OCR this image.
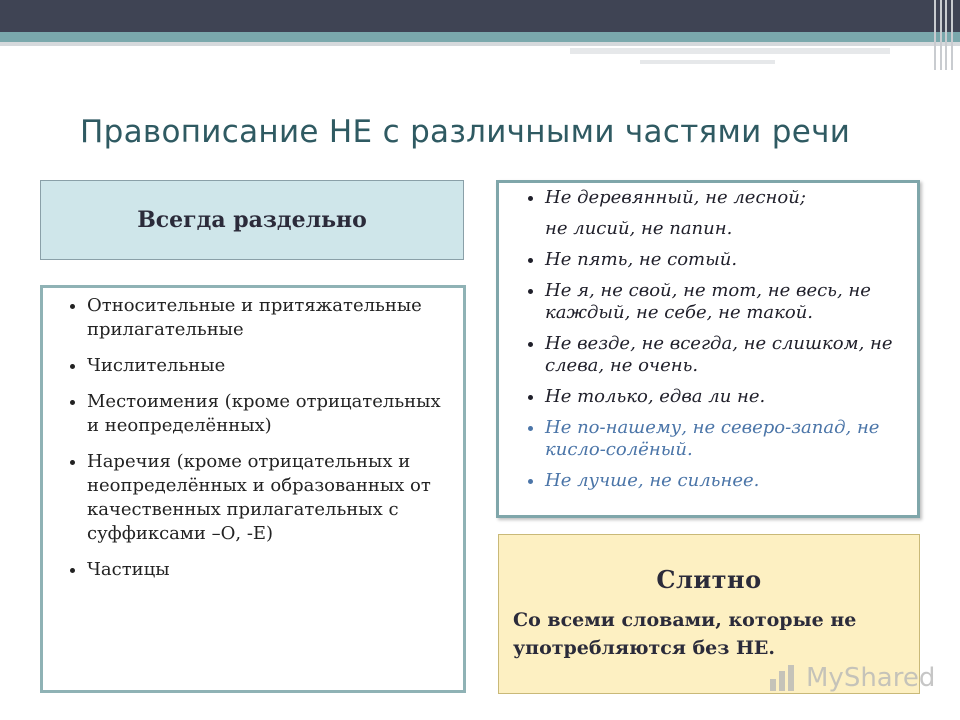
Правописание НЕ с различными частями речи
Всегда раздельно
• Относительные и притяжательные прилагательные
• Числительные
• Местоимения (кроме отрицательных и неопределённых)
• Наречия (кроме отрицательных и неопределённых и образованных от качественных прилагательных с суффиксами –О, -Е)
• Частицы
• Не деревянный, не лесной;
не лисий, не папин.
• Не пять, не сотый.
• Не я, не свой, не тот, не весь, не каждый, не себе, не такой.
• Не везде, не всегда, не слишком, не слева, не очень.
• Не только, едва ли не.
• Не по-нашему, не северо-запад, не кисло-солёный.
• Не лучше, не сильнее.
Слитно
Со всеми словами, которые не употребляются без НЕ.
MyShared
